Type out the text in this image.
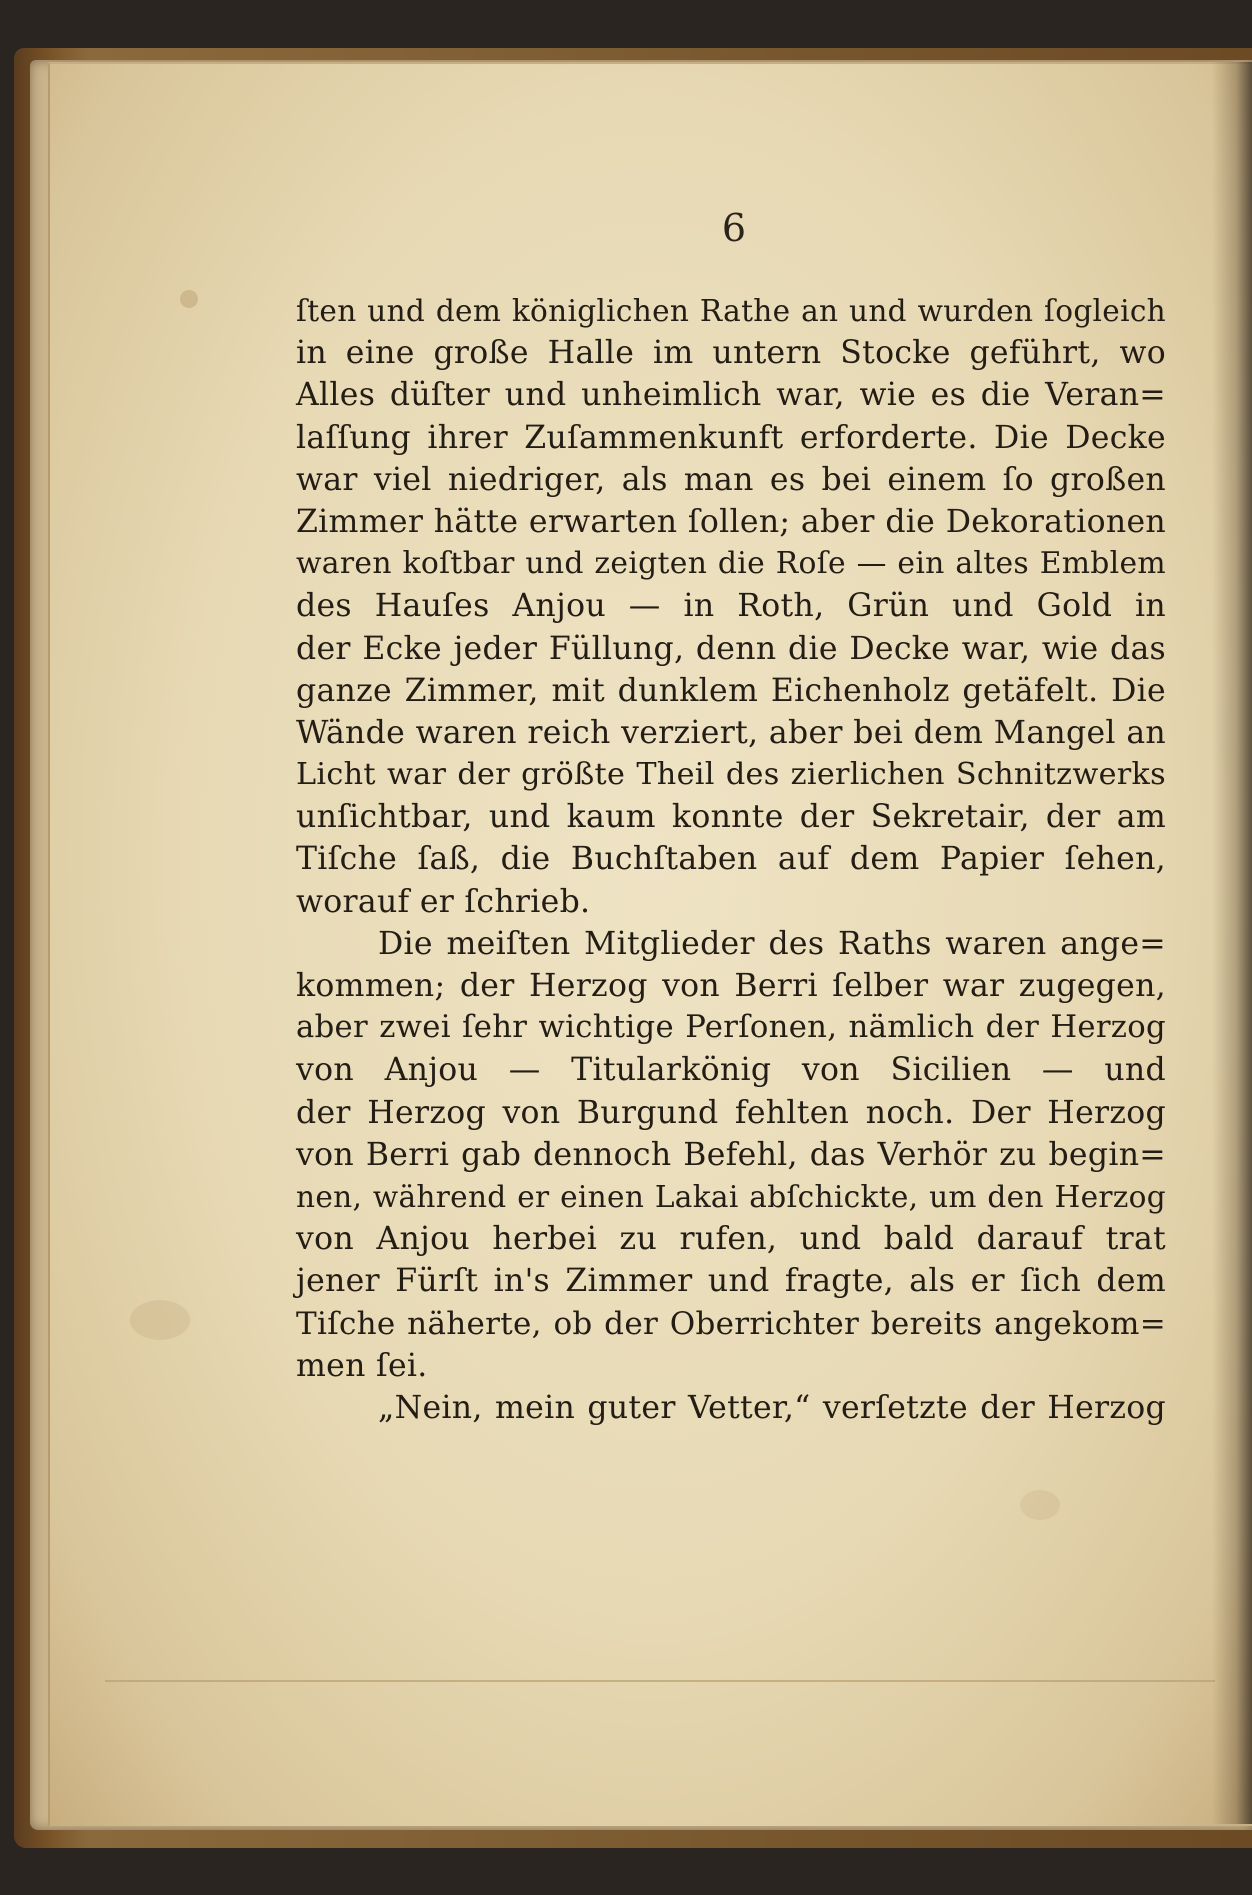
6
ſten und dem königlichen Rathe an und wurden ſogleich
in eine große Halle im untern Stocke geführt, wo
Alles düſter und unheimlich war, wie es die Veran=
laſſung ihrer Zuſammenkunft erforderte. Die Decke
war viel niedriger, als man es bei einem ſo großen
Zimmer hätte erwarten ſollen; aber die Dekorationen
waren koſtbar und zeigten die Roſe — ein altes Emblem
des Hauſes Anjou — in Roth, Grün und Gold in
der Ecke jeder Füllung, denn die Decke war, wie das
ganze Zimmer, mit dunklem Eichenholz getäfelt. Die
Wände waren reich verziert, aber bei dem Mangel an
Licht war der größte Theil des zierlichen Schnitzwerks
unſichtbar, und kaum konnte der Sekretair, der am
Tiſche ſaß, die Buchſtaben auf dem Papier ſehen,
worauf er ſchrieb.
Die meiſten Mitglieder des Raths waren ange=
kommen; der Herzog von Berri ſelber war zugegen,
aber zwei ſehr wichtige Perſonen, nämlich der Herzog
von Anjou — Titularkönig von Sicilien — und
der Herzog von Burgund fehlten noch. Der Herzog
von Berri gab dennoch Befehl, das Verhör zu begin=
nen, während er einen Lakai abſchickte, um den Herzog
von Anjou herbei zu rufen, und bald darauf trat
jener Fürſt in's Zimmer und fragte, als er ſich dem
Tiſche näherte, ob der Oberrichter bereits angekom=
men ſei.
„Nein, mein guter Vetter,“ verſetzte der Herzog
